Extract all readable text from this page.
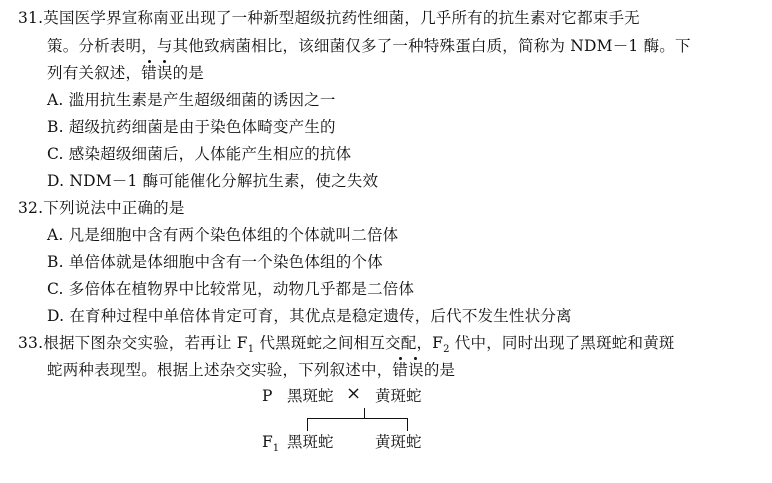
31.英国医学界宣称南亚出现了一种新型超级抗药性细菌，几乎所有的抗生素对它都束手无
策。分析表明，与其他致病菌相比，该细菌仅多了一种特殊蛋白质，简称为 NDM－1 酶。下
列有关叙述，错误的是
A. 滥用抗生素是产生超级细菌的诱因之一
B. 超级抗药细菌是由于染色体畸变产生的
C. 感染超级细菌后，人体能产生相应的抗体
D. NDM－1 酶可能催化分解抗生素，使之失效
32.下列说法中正确的是
A. 凡是细胞中含有两个染色体组的个体就叫二倍体
B. 单倍体就是体细胞中含有一个染色体组的个体
C. 多倍体在植物界中比较常见，动物几乎都是二倍体
D. 在育种过程中单倍体肯定可育，其优点是稳定遗传，后代不发生性状分离
33.根据下图杂交实验，若再让 $F_1$ 代黑斑蛇之间相互交配，$F_2$ 代中，同时出现了黑斑蛇和黄斑
蛇两种表现型。根据上述杂交实验，下列叙述中，错误的是
P 黑斑蛇 × 黄斑蛇
$F_1$ 黑斑蛇	黄斑蛇
